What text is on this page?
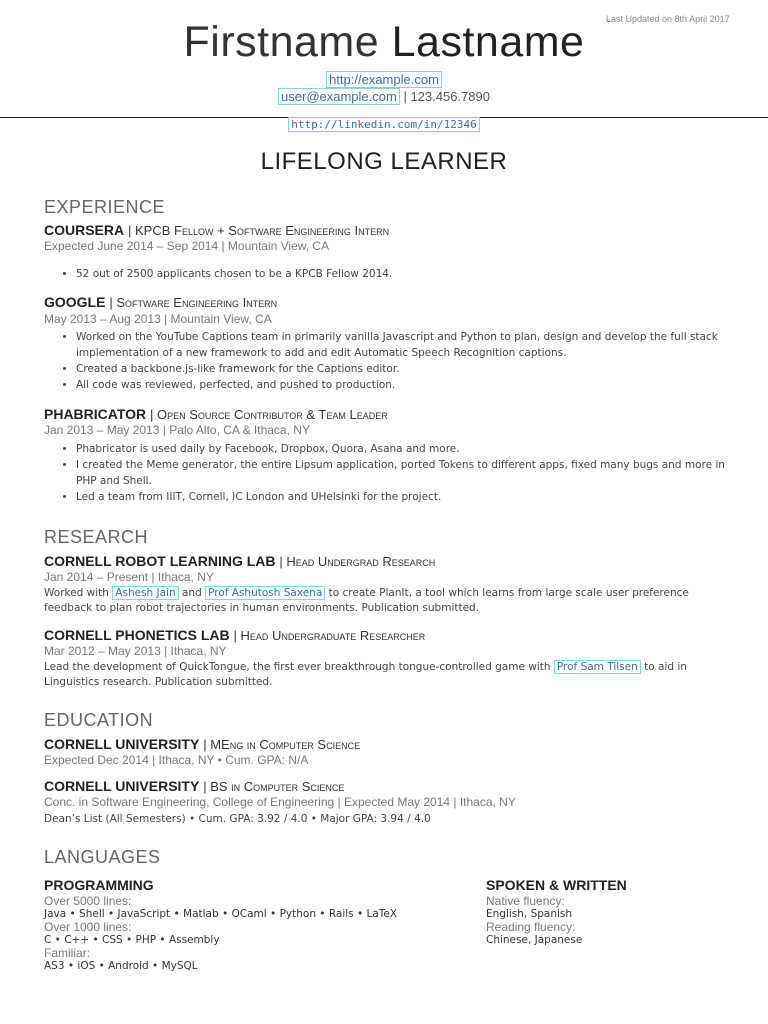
Last Updated on 8th April 2017
Firstname Lastname
http://example.com
user@example.com | 123.456.7890
http://linkedin.com/in/12346
LIFELONG LEARNER
EXPERIENCE
COURSERA | KPCB Fellow + Software Engineering Intern
Expected June 2014 – Sep 2014 | Mountain View, CA
• 52 out of 2500 applicants chosen to be a KPCB Fellow 2014.
GOOGLE | Software Engineering Intern
May 2013 – Aug 2013 | Mountain View, CA
• Worked on the YouTube Captions team in primarily vanilla Javascript and Python to plan, design and develop the full stack implementation of a new framework to add and edit Automatic Speech Recognition captions.
• Created a backbone.js-like framework for the Captions editor.
• All code was reviewed, perfected, and pushed to production.
PHABRICATOR | Open Source Contributor & Team Leader
Jan 2013 – May 2013 | Palo Alto, CA & Ithaca, NY
• Phabricator is used daily by Facebook, Dropbox, Quora, Asana and more.
• I created the Meme generator, the entire Lipsum application, ported Tokens to different apps, fixed many bugs and more in PHP and Shell.
• Led a team from IIIT, Cornell, IC London and UHelsinki for the project.
RESEARCH
CORNELL ROBOT LEARNING LAB | Head Undergrad Research
Jan 2014 – Present | Ithaca, NY
Worked with Ashesh Jain and Prof Ashutosh Saxena to create PlanIt, a tool which learns from large scale user preference feedback to plan robot trajectories in human environments. Publication submitted.
CORNELL PHONETICS LAB | Head Undergraduate Researcher
Mar 2012 – May 2013 | Ithaca, NY
Lead the development of QuickTongue, the first ever breakthrough tongue-controlled game with Prof Sam Tilsen to aid in Linguistics research. Publication submitted.
EDUCATION
CORNELL UNIVERSITY | MEng in Computer Science
Expected Dec 2014 | Ithaca, NY • Cum. GPA: N/A
CORNELL UNIVERSITY | BS in Computer Science
Conc. in Software Engineering, College of Engineering | Expected May 2014 | Ithaca, NY
Dean’s List (All Semesters) • Cum. GPA: 3.92 / 4.0 • Major GPA: 3.94 / 4.0
LANGUAGES
PROGRAMMING
Over 5000 lines:
Java • Shell • JavaScript • Matlab • OCaml • Python • Rails • LaTeX
Over 1000 lines:
C • C++ • CSS • PHP • Assembly
Familiar:
AS3 • iOS • Android • MySQL
SPOKEN & WRITTEN
Native fluency:
English, Spanish
Reading fluency:
Chinese, Japanese
